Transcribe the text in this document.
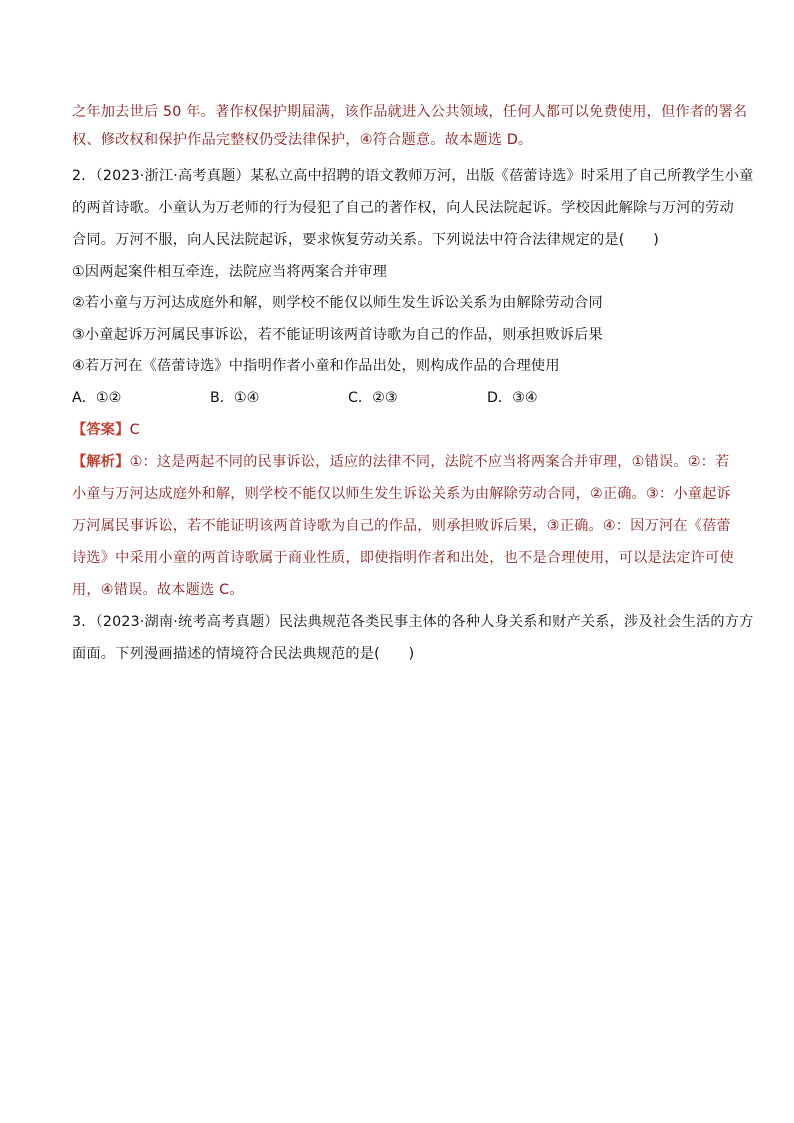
之年加去世后 50 年。著作权保护期届满，该作品就进入公共领域，任何人都可以免费使用，但作者的署名
权、修改权和保护作品完整权仍受法律保护，④符合题意。故本题选 D。
2．（2023·浙江·高考真题）某私立高中招聘的语文教师万河，出版《蓓蕾诗选》时采用了自己所教学生小童
的两首诗歌。小童认为万老师的行为侵犯了自己的著作权，向人民法院起诉。学校因此解除与万河的劳动
合同。万河不服，向人民法院起诉，要求恢复劳动关系。下列说法中符合法律规定的是(　　)
①因两起案件相互牵连，法院应当将两案合并审理
②若小童与万河达成庭外和解，则学校不能仅以师生发生诉讼关系为由解除劳动合同
③小童起诉万河属民事诉讼，若不能证明该两首诗歌为自己的作品，则承担败诉后果
④若万河在《蓓蕾诗选》中指明作者小童和作品出处，则构成作品的合理使用
A．①②	B．①④	C．②③	D．③④
【答案】C
【解析】①：这是两起不同的民事诉讼，适应的法律不同，法院不应当将两案合并审理，①错误。②：若
小童与万河达成庭外和解，则学校不能仅以师生发生诉讼关系为由解除劳动合同，②正确。③：小童起诉
万河属民事诉讼，若不能证明该两首诗歌为自己的作品，则承担败诉后果，③正确。④：因万河在《蓓蕾
诗选》中采用小童的两首诗歌属于商业性质，即使指明作者和出处，也不是合理使用，可以是法定许可使
用，④错误。故本题选 C。
3．（2023·湖南·统考高考真题）民法典规范各类民事主体的各种人身关系和财产关系，涉及社会生活的方方
面面。下列漫画描述的情境符合民法典规范的是(　　)
